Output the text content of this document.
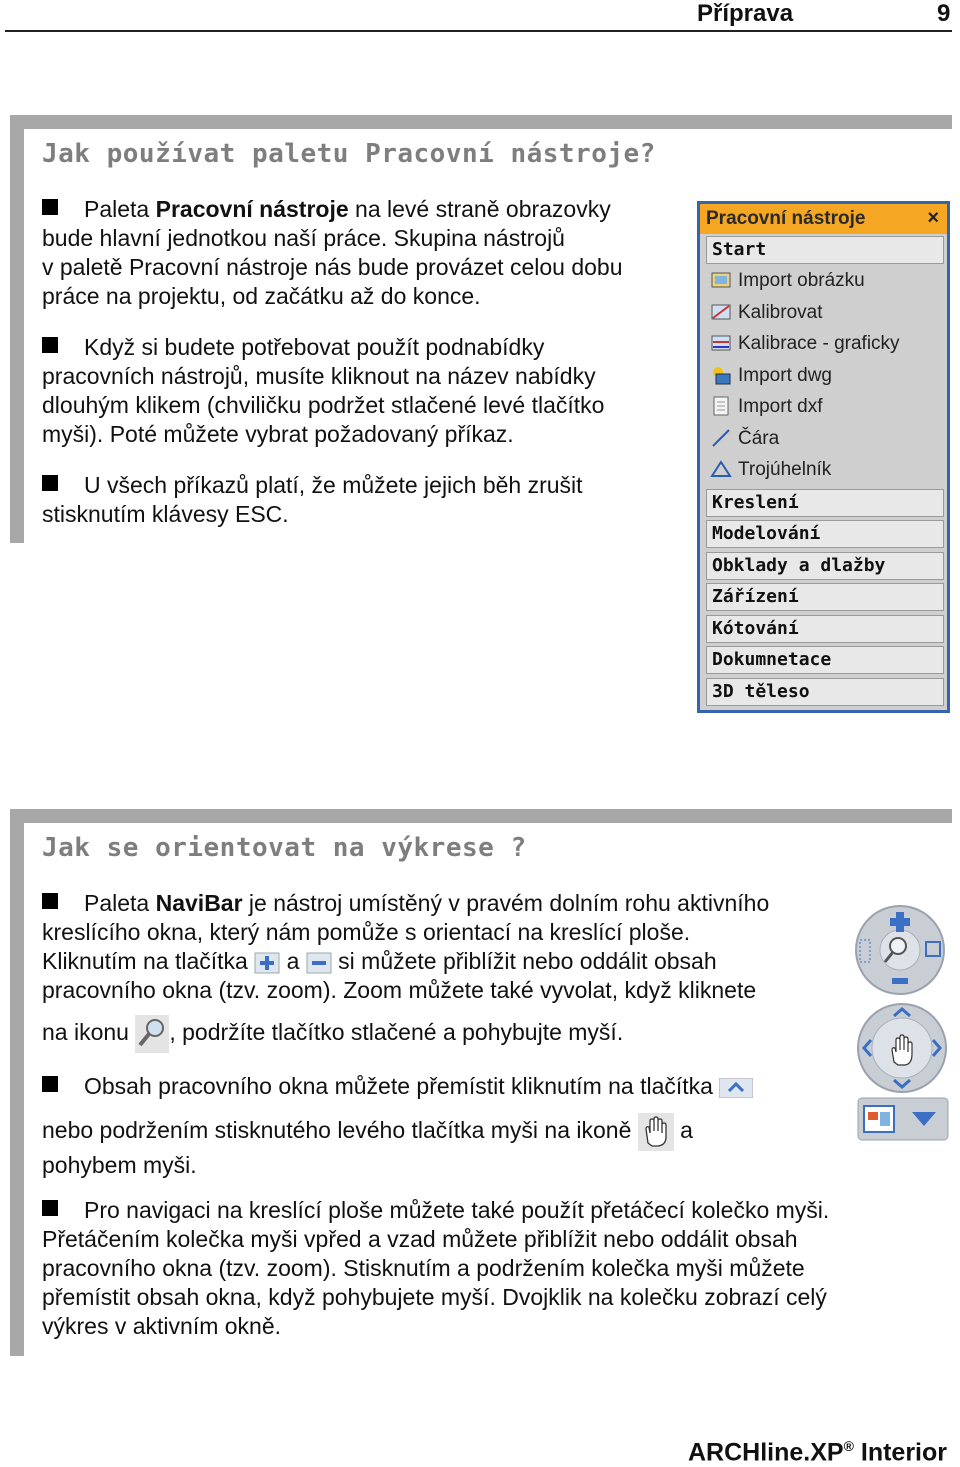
Příprava	9
Jak používat paletu Pracovní nástroje?
Paleta Pracovní nástroje na levé straně obrazovky
bude hlavní jednotkou naší práce. Skupina nástrojů
v paletě Pracovní nástroje nás bude provázet celou dobu
práce na projektu, od začátku až do konce.
Když si budete potřebovat použít podnabídky
pracovních nástrojů, musíte kliknout na název nabídky
dlouhým klikem (chviličku podržet stlačené levé tlačítko
myši). Poté můžete vybrat požadovaný příkaz.
U všech příkazů platí, že můžete jejich běh zrušit
stisknutím klávesy ESC.
Pracovní nástroje	×
Start
Import obrázku
Kalibrovat
Kalibrace - graficky
Import dwg
Import dxf
Čára
Trojúhelník
Kreslení
Modelování
Obklady a dlažby
Zářízení
Kótování
Dokumnetace
3D těleso
Jak se orientovat na výkrese ?
Paleta NaviBar je nástroj umístěný v pravém dolním rohu aktivního
kreslícího okna, který nám pomůže s orientací na kreslící ploše.
Kliknutím na tlačítka  a  si můžete přiblížit nebo oddálit obsah
pracovního okna (tzv. zoom). Zoom můžete také vyvolat, když kliknete
na ikonu , podržíte tlačítko stlačené a pohybujte myší.
Obsah pracovního okna můžete přemístit kliknutím na tlačítka
nebo podržením stisknutého levého tlačítka myši na ikoně  a
pohybem myši.
Pro navigaci na kreslící ploše můžete také použít přetáčecí kolečko myši.
Přetáčením kolečka myši vpřed a vzad můžete přiblížit nebo oddálit obsah
pracovního okna (tzv. zoom). Stisknutím a podržením kolečka myši můžete
přemístit obsah okna, když pohybujete myší. Dvojklik na kolečku zobrazí celý
výkres v aktivním okně.
ARCHline.XP® Interior
